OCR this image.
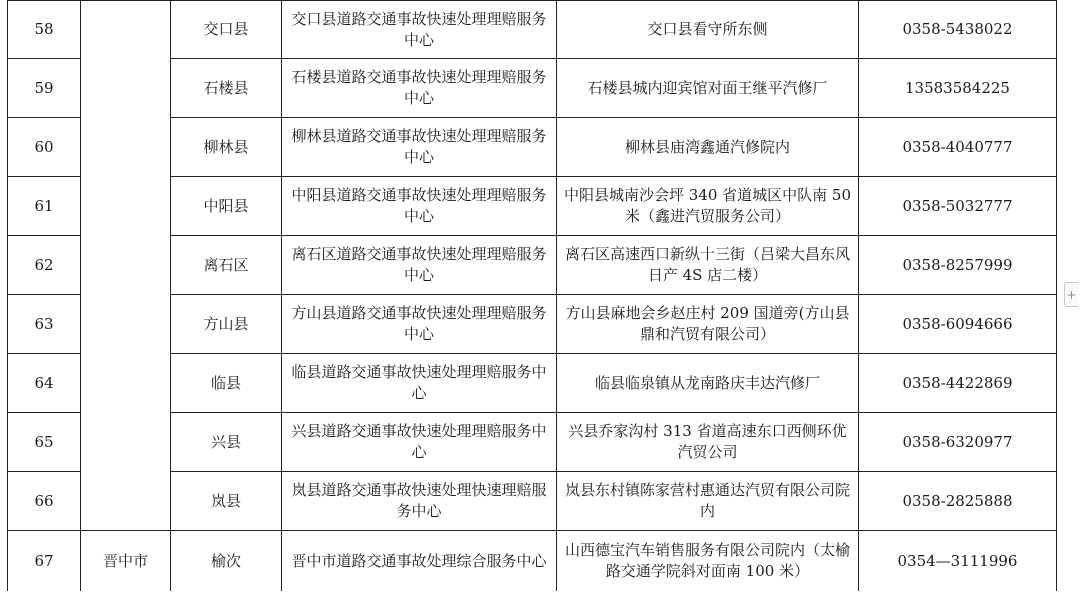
58		交口县	交口县道路交通事故快速处理理赔服务中心	交口县看守所东侧	0358-5438022
59		石楼县	石楼县道路交通事故快速处理理赔服务中心	石楼县城内迎宾馆对面王继平汽修厂	13583584225
60		柳林县	柳林县道路交通事故快速处理理赔服务中心	柳林县庙湾鑫通汽修院内	0358-4040777
61		中阳县	中阳县道路交通事故快速处理理赔服务中心	中阳县城南沙会坪 340 省道城区中队南 50 米（鑫进汽贸服务公司）	0358-5032777
62		离石区	离石区道路交通事故快速处理理赔服务中心	离石区高速西口新纵十三街（吕梁大昌东风日产 4S 店二楼）	0358-8257999
63		方山县	方山县道路交通事故快速处理理赔服务中心	方山县麻地会乡赵庄村 209 国道旁(方山县鼎和汽贸有限公司）	0358-6094666
64		临县	临县道路交通事故快速处理理赔服务中心	临县临泉镇从龙南路庆丰达汽修厂	0358-4422869
65		兴县	兴县道路交通事故快速处理理赔服务中心	兴县乔家沟村 313 省道高速东口西侧环优汽贸公司	0358-6320977
66		岚县	岚县道路交通事故快速处理快速理赔服务中心	岚县东村镇陈家营村惠通达汽贸有限公司院内	0358-2825888
67	晋中市	榆次	晋中市道路交通事故处理综合服务中心	山西德宝汽车销售服务有限公司院内（太榆路交通学院斜对面南 100 米）	0354—3111996
+
